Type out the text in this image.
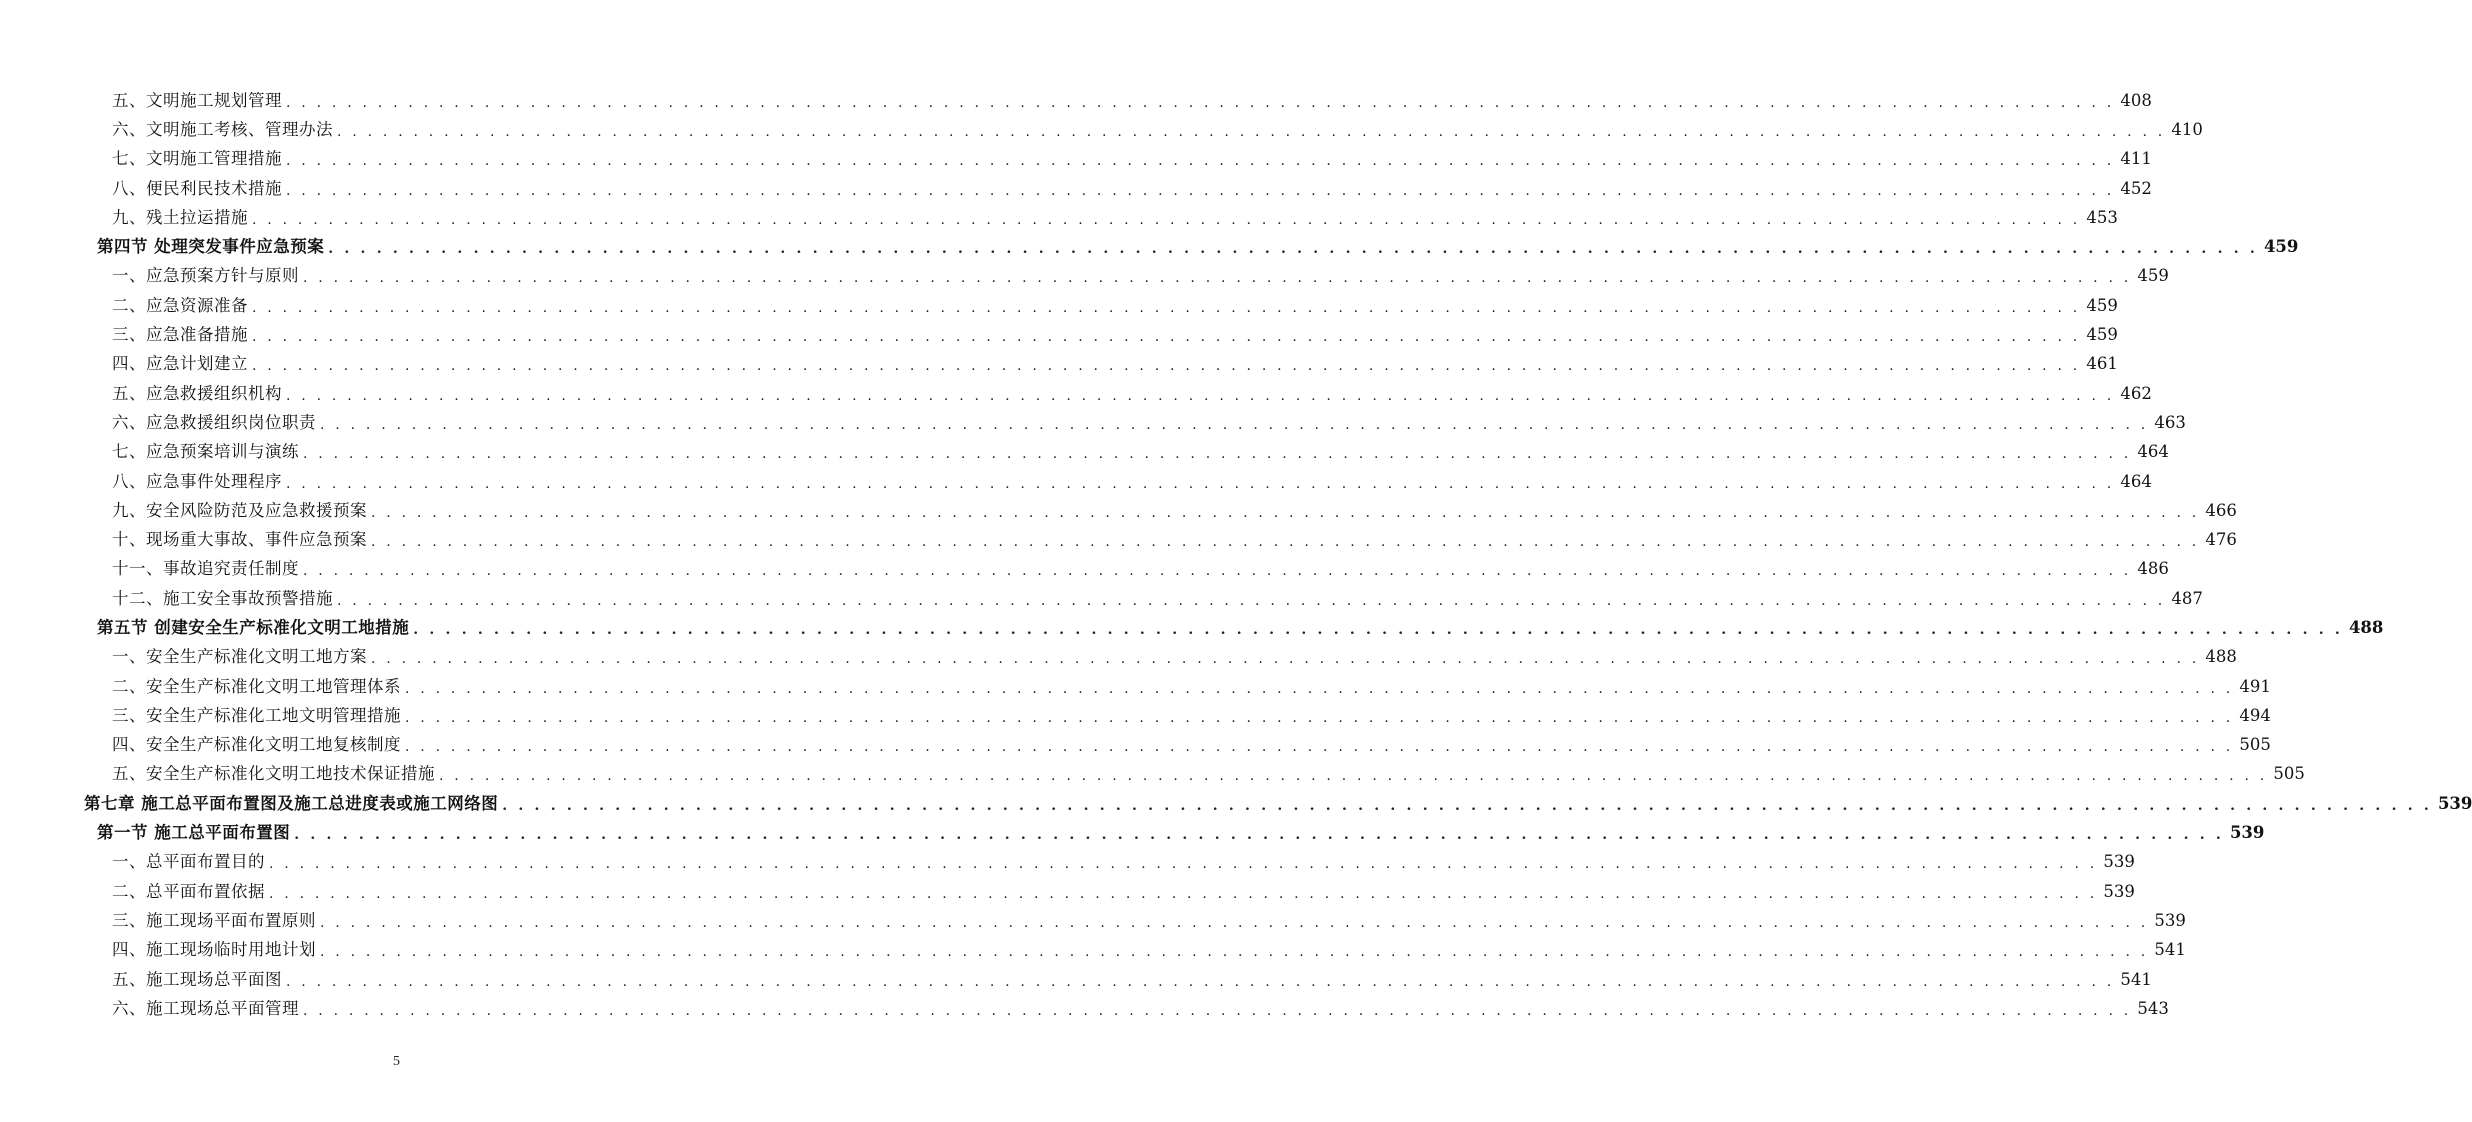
五、文明施工规划管理 . . . . . . . . . . . . . . . . . . . . . . . . . . . . . . . . . . . . . . . . . . . . . . . . . . . . . . . . . . . . . . . . . . . . . . . . . . . . . . . . . . . . . . . . . . . . . . . . . . . . . . . . . . . . . . . . . . . . . . . . 408
六、文明施工考核、管理办法 . . . . . . . . . . . . . . . . . . . . . . . . . . . . . . . . . . . . . . . . . . . . . . . . . . . . . . . . . . . . . . . . . . . . . . . . . . . . . . . . . . . . . . . . . . . . . . . . . . . . . . . . . . . . . . . . . . . . . . . . 410
七、文明施工管理措施 . . . . . . . . . . . . . . . . . . . . . . . . . . . . . . . . . . . . . . . . . . . . . . . . . . . . . . . . . . . . . . . . . . . . . . . . . . . . . . . . . . . . . . . . . . . . . . . . . . . . . . . . . . . . . . . . . . . . . . . . 411
八、便民利民技术措施 . . . . . . . . . . . . . . . . . . . . . . . . . . . . . . . . . . . . . . . . . . . . . . . . . . . . . . . . . . . . . . . . . . . . . . . . . . . . . . . . . . . . . . . . . . . . . . . . . . . . . . . . . . . . . . . . . . . . . . . . 452
九、残土拉运措施 . . . . . . . . . . . . . . . . . . . . . . . . . . . . . . . . . . . . . . . . . . . . . . . . . . . . . . . . . . . . . . . . . . . . . . . . . . . . . . . . . . . . . . . . . . . . . . . . . . . . . . . . . . . . . . . . . . . . . . . . 453
第四节 处理突发事件应急预案 . . . . . . . . . . . . . . . . . . . . . . . . . . . . . . . . . . . . . . . . . . . . . . . . . . . . . . . . . . . . . . . . . . . . . . . . . . . . . . . . . . . . . . . . . . . . . . . . . . . . . . . . . . . . . . . . . . . . . . . . 459
一、应急预案方针与原则 . . . . . . . . . . . . . . . . . . . . . . . . . . . . . . . . . . . . . . . . . . . . . . . . . . . . . . . . . . . . . . . . . . . . . . . . . . . . . . . . . . . . . . . . . . . . . . . . . . . . . . . . . . . . . . . . . . . . . . . . 459
二、应急资源准备 . . . . . . . . . . . . . . . . . . . . . . . . . . . . . . . . . . . . . . . . . . . . . . . . . . . . . . . . . . . . . . . . . . . . . . . . . . . . . . . . . . . . . . . . . . . . . . . . . . . . . . . . . . . . . . . . . . . . . . . . 459
三、应急准备措施 . . . . . . . . . . . . . . . . . . . . . . . . . . . . . . . . . . . . . . . . . . . . . . . . . . . . . . . . . . . . . . . . . . . . . . . . . . . . . . . . . . . . . . . . . . . . . . . . . . . . . . . . . . . . . . . . . . . . . . . . 459
四、应急计划建立 . . . . . . . . . . . . . . . . . . . . . . . . . . . . . . . . . . . . . . . . . . . . . . . . . . . . . . . . . . . . . . . . . . . . . . . . . . . . . . . . . . . . . . . . . . . . . . . . . . . . . . . . . . . . . . . . . . . . . . . . 461
五、应急救援组织机构 . . . . . . . . . . . . . . . . . . . . . . . . . . . . . . . . . . . . . . . . . . . . . . . . . . . . . . . . . . . . . . . . . . . . . . . . . . . . . . . . . . . . . . . . . . . . . . . . . . . . . . . . . . . . . . . . . . . . . . . . 462
六、应急救援组织岗位职责 . . . . . . . . . . . . . . . . . . . . . . . . . . . . . . . . . . . . . . . . . . . . . . . . . . . . . . . . . . . . . . . . . . . . . . . . . . . . . . . . . . . . . . . . . . . . . . . . . . . . . . . . . . . . . . . . . . . . . . . . 463
七、应急预案培训与演练 . . . . . . . . . . . . . . . . . . . . . . . . . . . . . . . . . . . . . . . . . . . . . . . . . . . . . . . . . . . . . . . . . . . . . . . . . . . . . . . . . . . . . . . . . . . . . . . . . . . . . . . . . . . . . . . . . . . . . . . . 464
八、应急事件处理程序 . . . . . . . . . . . . . . . . . . . . . . . . . . . . . . . . . . . . . . . . . . . . . . . . . . . . . . . . . . . . . . . . . . . . . . . . . . . . . . . . . . . . . . . . . . . . . . . . . . . . . . . . . . . . . . . . . . . . . . . . 464
九、安全风险防范及应急救援预案 . . . . . . . . . . . . . . . . . . . . . . . . . . . . . . . . . . . . . . . . . . . . . . . . . . . . . . . . . . . . . . . . . . . . . . . . . . . . . . . . . . . . . . . . . . . . . . . . . . . . . . . . . . . . . . . . . . . . . . . . 466
十、现场重大事故、事件应急预案 . . . . . . . . . . . . . . . . . . . . . . . . . . . . . . . . . . . . . . . . . . . . . . . . . . . . . . . . . . . . . . . . . . . . . . . . . . . . . . . . . . . . . . . . . . . . . . . . . . . . . . . . . . . . . . . . . . . . . . . . 476
十一、事故追究责任制度 . . . . . . . . . . . . . . . . . . . . . . . . . . . . . . . . . . . . . . . . . . . . . . . . . . . . . . . . . . . . . . . . . . . . . . . . . . . . . . . . . . . . . . . . . . . . . . . . . . . . . . . . . . . . . . . . . . . . . . . . 486
十二、施工安全事故预警措施 . . . . . . . . . . . . . . . . . . . . . . . . . . . . . . . . . . . . . . . . . . . . . . . . . . . . . . . . . . . . . . . . . . . . . . . . . . . . . . . . . . . . . . . . . . . . . . . . . . . . . . . . . . . . . . . . . . . . . . . . 487
第五节 创建安全生产标准化文明工地措施 . . . . . . . . . . . . . . . . . . . . . . . . . . . . . . . . . . . . . . . . . . . . . . . . . . . . . . . . . . . . . . . . . . . . . . . . . . . . . . . . . . . . . . . . . . . . . . . . . . . . . . . . . . . . . . . . . . . . . . . . 488
一、安全生产标准化文明工地方案 . . . . . . . . . . . . . . . . . . . . . . . . . . . . . . . . . . . . . . . . . . . . . . . . . . . . . . . . . . . . . . . . . . . . . . . . . . . . . . . . . . . . . . . . . . . . . . . . . . . . . . . . . . . . . . . . . . . . . . . . 488
二、安全生产标准化文明工地管理体系 . . . . . . . . . . . . . . . . . . . . . . . . . . . . . . . . . . . . . . . . . . . . . . . . . . . . . . . . . . . . . . . . . . . . . . . . . . . . . . . . . . . . . . . . . . . . . . . . . . . . . . . . . . . . . . . . . . . . . . . . 491
三、安全生产标准化工地文明管理措施 . . . . . . . . . . . . . . . . . . . . . . . . . . . . . . . . . . . . . . . . . . . . . . . . . . . . . . . . . . . . . . . . . . . . . . . . . . . . . . . . . . . . . . . . . . . . . . . . . . . . . . . . . . . . . . . . . . . . . . . . 494
四、安全生产标准化文明工地复核制度 . . . . . . . . . . . . . . . . . . . . . . . . . . . . . . . . . . . . . . . . . . . . . . . . . . . . . . . . . . . . . . . . . . . . . . . . . . . . . . . . . . . . . . . . . . . . . . . . . . . . . . . . . . . . . . . . . . . . . . . . 505
五、安全生产标准化文明工地技术保证措施 . . . . . . . . . . . . . . . . . . . . . . . . . . . . . . . . . . . . . . . . . . . . . . . . . . . . . . . . . . . . . . . . . . . . . . . . . . . . . . . . . . . . . . . . . . . . . . . . . . . . . . . . . . . . . . . . . . . . . . . . 505
第七章 施工总平面布置图及施工总进度表或施工网络图 . . . . . . . . . . . . . . . . . . . . . . . . . . . . . . . . . . . . . . . . . . . . . . . . . . . . . . . . . . . . . . . . . . . . . . . . . . . . . . . . . . . . . . . . . . . . . . . . . . . . . . . . . . . . . . . . . . . . . . . . 539
第一节 施工总平面布置图 . . . . . . . . . . . . . . . . . . . . . . . . . . . . . . . . . . . . . . . . . . . . . . . . . . . . . . . . . . . . . . . . . . . . . . . . . . . . . . . . . . . . . . . . . . . . . . . . . . . . . . . . . . . . . . . . . . . . . . . . 539
一、总平面布置目的 . . . . . . . . . . . . . . . . . . . . . . . . . . . . . . . . . . . . . . . . . . . . . . . . . . . . . . . . . . . . . . . . . . . . . . . . . . . . . . . . . . . . . . . . . . . . . . . . . . . . . . . . . . . . . . . . . . . . . . . . 539
二、总平面布置依据 . . . . . . . . . . . . . . . . . . . . . . . . . . . . . . . . . . . . . . . . . . . . . . . . . . . . . . . . . . . . . . . . . . . . . . . . . . . . . . . . . . . . . . . . . . . . . . . . . . . . . . . . . . . . . . . . . . . . . . . . 539
三、施工现场平面布置原则 . . . . . . . . . . . . . . . . . . . . . . . . . . . . . . . . . . . . . . . . . . . . . . . . . . . . . . . . . . . . . . . . . . . . . . . . . . . . . . . . . . . . . . . . . . . . . . . . . . . . . . . . . . . . . . . . . . . . . . . . 539
四、施工现场临时用地计划 . . . . . . . . . . . . . . . . . . . . . . . . . . . . . . . . . . . . . . . . . . . . . . . . . . . . . . . . . . . . . . . . . . . . . . . . . . . . . . . . . . . . . . . . . . . . . . . . . . . . . . . . . . . . . . . . . . . . . . . . 541
五、施工现场总平面图 . . . . . . . . . . . . . . . . . . . . . . . . . . . . . . . . . . . . . . . . . . . . . . . . . . . . . . . . . . . . . . . . . . . . . . . . . . . . . . . . . . . . . . . . . . . . . . . . . . . . . . . . . . . . . . . . . . . . . . . . 541
六、施工现场总平面管理 . . . . . . . . . . . . . . . . . . . . . . . . . . . . . . . . . . . . . . . . . . . . . . . . . . . . . . . . . . . . . . . . . . . . . . . . . . . . . . . . . . . . . . . . . . . . . . . . . . . . . . . . . . . . . . . . . . . . . . . . 543
5
